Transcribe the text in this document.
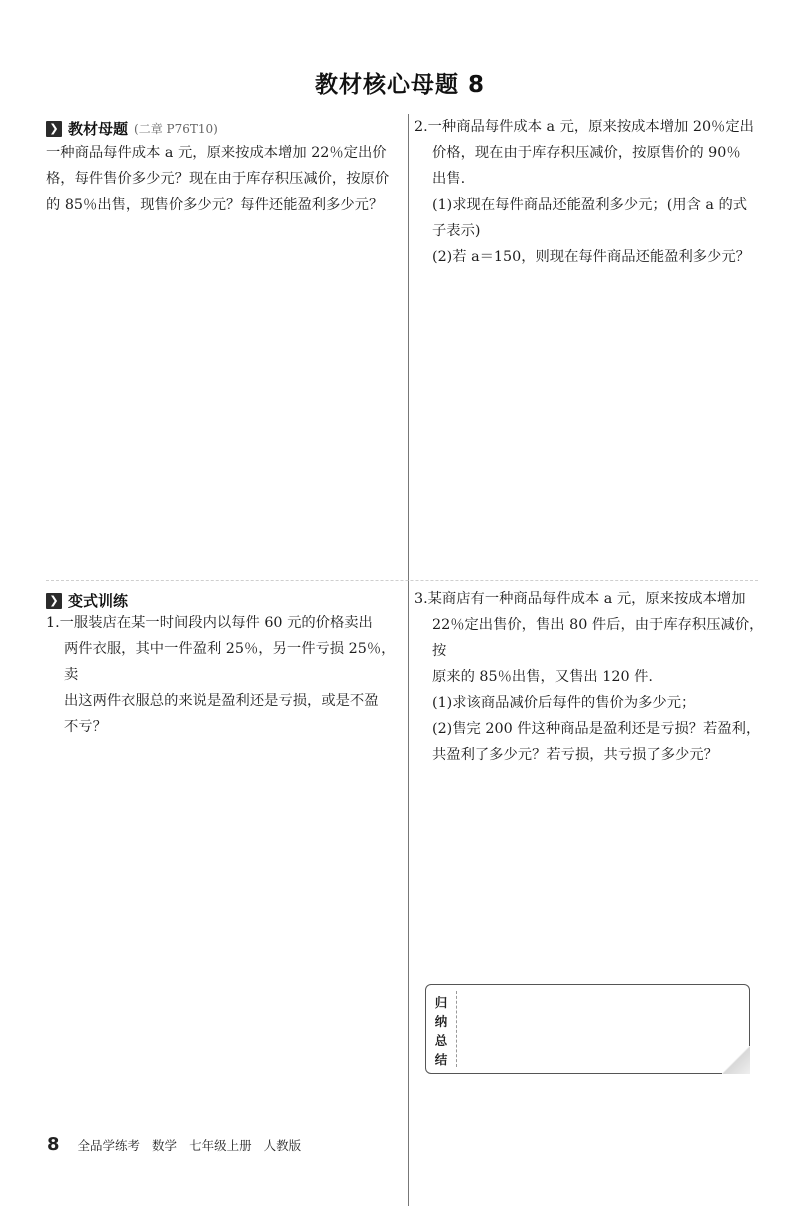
教材核心母题 8
❯ 教材母题 (二章 P76T10)

一种商品每件成本 a 元，原来按成本增加 22％定出价

格，每件售价多少元？现在由于库存积压减价，按原价

的 85％出售，现售价多少元？每件还能盈利多少元？

2.一种商品每件成本 a 元，原来按成本增加 20％定出

价格，现在由于库存积压减价，按原售价的 90％

出售.

(1)求现在每件商品还能盈利多少元；(用含 a 的式

子表示)

(2)若 a＝150，则现在每件商品还能盈利多少元？

❯ 变式训练

1.一服装店在某一时间段内以每件 60 元的价格卖出

两件衣服，其中一件盈利 25％，另一件亏损 25％，卖

出这两件衣服总的来说是盈利还是亏损，或是不盈

不亏？

3.某商店有一种商品每件成本 a 元，原来按成本增加

22％定出售价，售出 80 件后，由于库存积压减价，按

原来的 85％出售，又售出 120 件.

(1)求该商品减价后每件的售价为多少元；

(2)售完 200 件这种商品是盈利还是亏损？若盈利，

共盈利了多少元？若亏损，共亏损了多少元？

归
纳
总
结
8 全品学练考 数学 七年级上册 人教版
